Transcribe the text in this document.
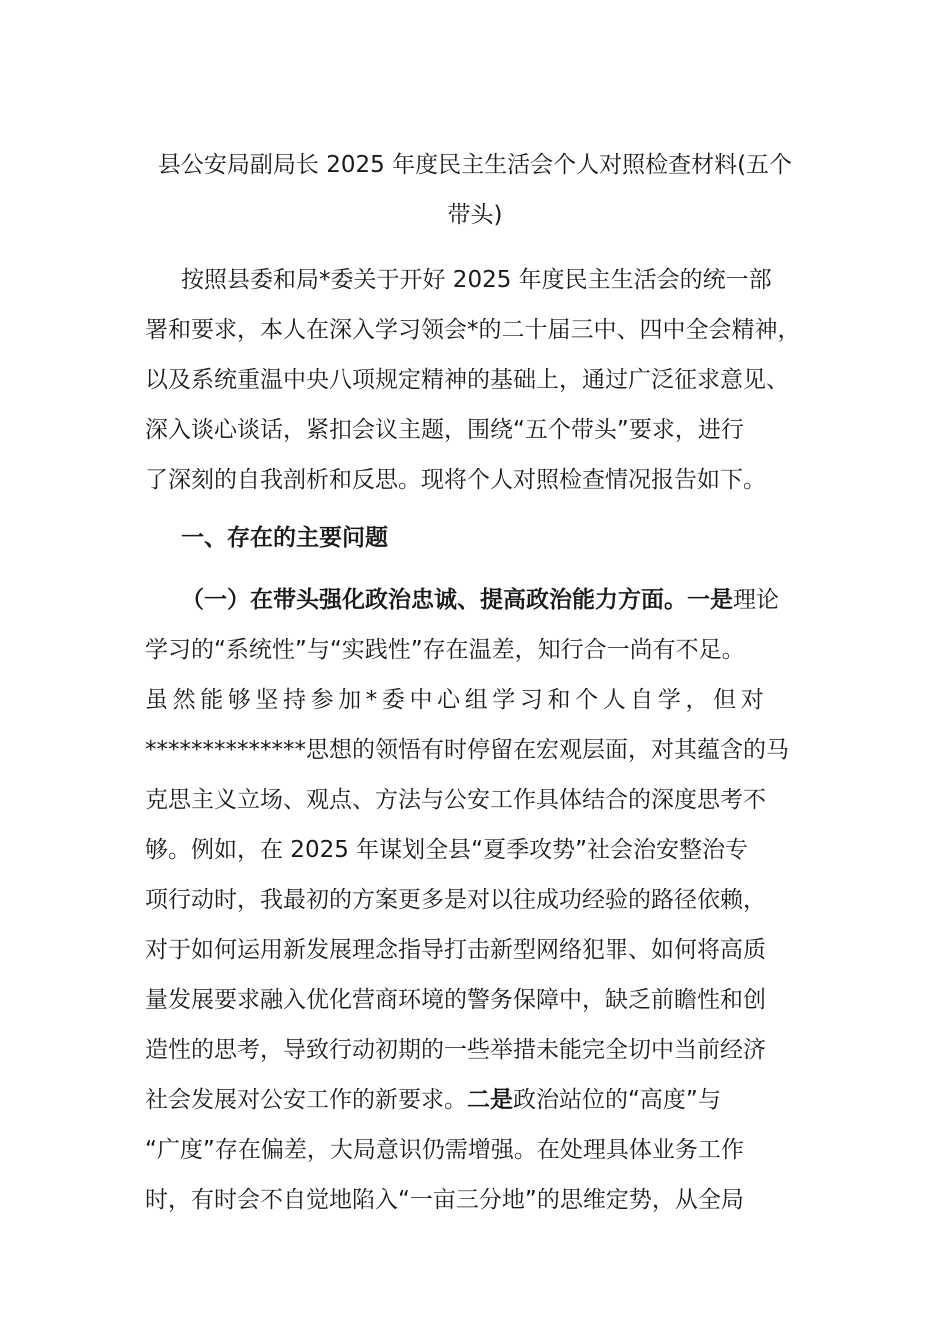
县公安局副局长 2025 年度民主生活会个人对照检查材料(五个
带头)
按照县委和局*委关于开好 2025 年度民主生活会的统一部
署和要求，本人在深入学习领会*的二十届三中、四中全会精神，
以及系统重温中央八项规定精神的基础上，通过广泛征求意见、
深入谈心谈话，紧扣会议主题，围绕“五个带头”要求，进行
了深刻的自我剖析和反思。现将个人对照检查情况报告如下。
一、存在的主要问题
（一）在带头强化政治忠诚、提高政治能力方面。一是理论
学习的“系统性”与“实践性”存在温差，知行合一尚有不足。
虽然能够坚持参加*委中心组学习和个人自学，但对
**************思想的领悟有时停留在宏观层面，对其蕴含的马
克思主义立场、观点、方法与公安工作具体结合的深度思考不
够。例如，在 2025 年谋划全县“夏季攻势”社会治安整治专
项行动时，我最初的方案更多是对以往成功经验的路径依赖，
对于如何运用新发展理念指导打击新型网络犯罪、如何将高质
量发展要求融入优化营商环境的警务保障中，缺乏前瞻性和创
造性的思考，导致行动初期的一些举措未能完全切中当前经济
社会发展对公安工作的新要求。二是政治站位的“高度”与
“广度”存在偏差，大局意识仍需增强。在处理具体业务工作
时，有时会不自觉地陷入“一亩三分地”的思维定势，从全局
